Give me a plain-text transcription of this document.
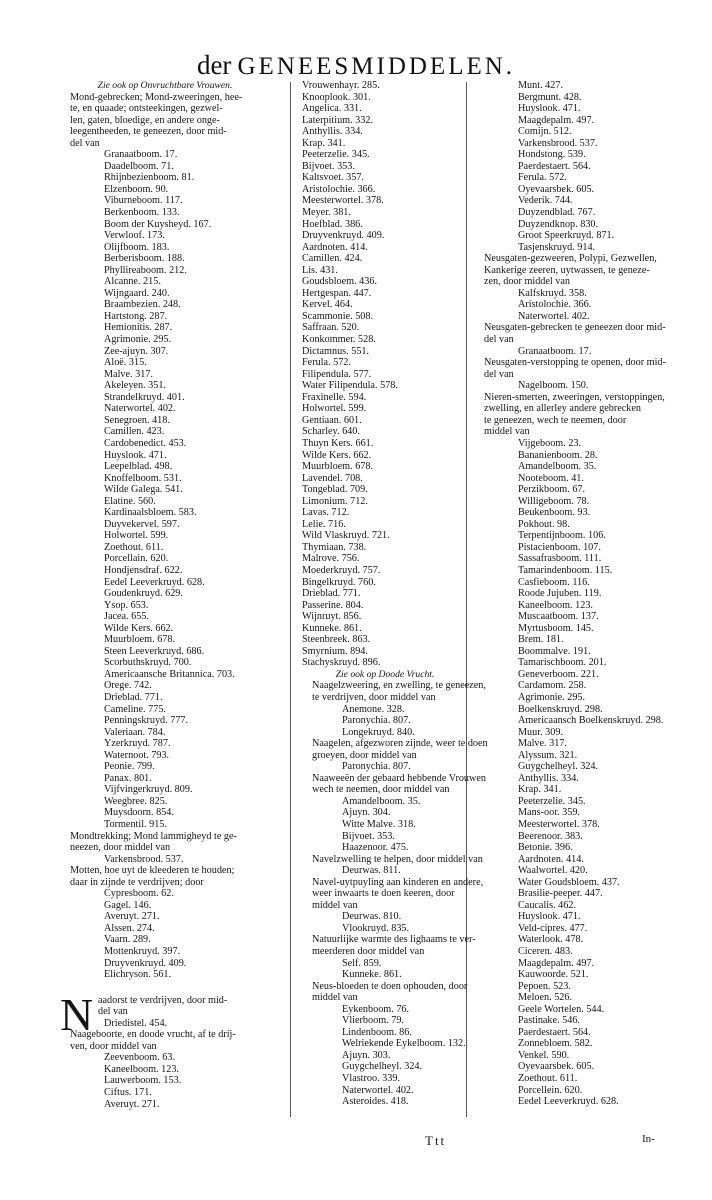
der GENEESMIDDELEN.
Zie ook op Onvruchtbare Vrouwen.
Mond-gebrecken; Mond-zweeringen, hee-
te, en quaade; ontsteekingen, gezwel-
len, gaten, bloedige, en andere onge-
leegentheeden, te geneezen, door mid-
del van
Granaatboom. 17.
Daadelboom. 71.
Rhijnbezienboom. 81.
Elzenboom. 90.
Viburneboom. 117.
Berkenboom. 133.
Boom der Kuysheyd. 167.
Verwloof. 173.
Olijfboom. 183.
Berberisboom. 188.
Phyllireaboom. 212.
Alcanne. 215.
Wijngaard. 240.
Braambezien. 248.
Hartstong. 287.
Hemionitis. 287.
Agrimonie. 295.
Zee-ajuyn. 307.
Aloë. 315.
Malve. 317.
Akeleyen. 351.
Strandelkruyd. 401.
Naterwortel. 402.
Senegroen. 418.
Camillen. 423.
Cardobenedict. 453.
Huyslook. 471.
Leepelblad. 498.
Knoffelboom. 531.
Wilde Galega. 541.
Elatine. 560.
Kardinaalsbloem. 583.
Duyvekervel. 597.
Holwortel. 599.
Zoethout. 611.
Porcellain. 620.
Hondjensdraf. 622.
Eedel Leeverkruyd. 628.
Goudenkruyd. 629.
Ysop. 653.
Jacea. 655.
Wilde Kers. 662.
Muurbloem. 678.
Steen Leeverkruyd. 686.
Scorbuthskruyd. 700.
Americaansche Britannica. 703.
Orege. 742.
Drieblad. 771.
Cameline. 775.
Penningskruyd. 777.
Valeriaan. 784.
Yzerkruyd. 787.
Waternoot. 793.
Peonie. 799.
Panax. 801.
Vijfvingerkruyd. 809.
Weegbree. 825.
Muysdoorn. 854.
Tormentil. 915.
Mondtrekking; Mond lammigheyd te ge-
neezen, door middel van
Varkensbrood. 537.
Motten, hoe uyt de kleederen te houden;
daar in zijnde te verdrijven; door
Cypresboom. 62.
Gagel. 146.
Averuyt. 271.
Alssen. 274.
Vaarn. 289.
Mottenkruyd. 397.
Druyvenkruyd. 409.
Elichryson. 561.
N aadorst te verdrijven, door mid-
del van
Driedistel. 454.
Naageboorte, en doode vrucht, af te drij-
ven, door middel van
Zeevenboom. 63.
Kaneelboom. 123.
Lauwerboom. 153.
Ciftus. 171.
Averuyt. 271.
Vrouwenhayr. 285.
Knooplook. 301.
Angelica. 331.
Laterpitium. 332.
Anthyllis. 334.
Krap. 341.
Peeterzelie. 345.
Bijvoet. 353.
Kaltsvoet. 357.
Aristolochie. 366.
Meesterwortel. 378.
Meyer. 381.
Hoefblad. 386.
Druyvenkruyd. 409.
Aardnoten. 414.
Camillen. 424.
Lis. 431.
Goudsbloem. 436.
Hertgespan. 447.
Kervel. 464.
Scammonie. 508.
Saffraan. 520.
Konkommer. 528.
Dictamnus. 551.
Ferula. 572.
Filipendula. 577.
Water Filipendula. 578.
Fraxinelle. 594.
Holwortel. 599.
Gentiaan. 601.
Scharley. 640.
Thuyn Kers. 661.
Wilde Kers. 662.
Muurbloem. 678.
Lavendel. 708.
Tongeblad. 709.
Limonium. 712.
Lavas. 712.
Lelie. 716.
Wild Vlaskruyd. 721.
Thymiaan. 738.
Malrove. 756.
Moederkruyd. 757.
Bingelkruyd. 760.
Drieblad. 771.
Passerine. 804.
Wijnruyt. 856.
Kunneke. 861.
Steenbreek. 863.
Smyrnium. 894.
Stachyskruyd. 896.
Zie ook op Doode Vrucht.
Naagelzweering, en zwelling, te geneezen,
te verdrijven, door middel van
Anemone. 328.
Paronychia. 807.
Longekruyd. 840.
Naagelen, afgezworen zijnde, weer te doen
groeyen, door middel van
Paronychia. 807.
Naaweeën der gebaard hebbende Vrouwen
wech te neemen, door middel van
Amandelboom. 35.
Ajuyn. 304.
Witte Malve. 318.
Bijvoet. 353.
Haazenoor. 475.
Navelzwelling te helpen, door middel van
Deurwas. 811.
Navel-uytpuyling aan kinderen en andere,
weer inwaarts te doen keeren, door
middel van
Deurwas. 810.
Vlookruyd. 835.
Natuurlijke warmte des lighaams te ver-
meerderen door middel van
Self. 859.
Kunneke. 861.
Neus-bloeden te doen ophouden, door
middel van
Eykenboom. 76.
Vlierboom. 79.
Lindenboom. 86.
Welriekende Eykelboom. 132.
Ajuyn. 303.
Guygchelheyl. 324.
Vlastroo. 339.
Naterwortel. 402.
Asteroides. 418.
Munt. 427.
Bergmunt. 428.
Huyslook. 471.
Maagdepalm. 497.
Comijn. 512.
Varkensbrood. 537.
Hondstong. 539.
Paerdestaert. 564.
Ferula. 572.
Oyevaarsbek. 605.
Vederik. 744.
Duyzendblad. 767.
Duyzendknop. 830.
Groot Speerkruyd. 871.
Tasjenskruyd. 914.
Neusgaten-gezweeren, Polypi, Gezwellen,
Kankerige zeeren, uytwassen, te geneze-
zen, door middel van
Kalfskruyd. 358.
Aristolochie. 366.
Naterwortel. 402.
Neusgaten-gebrecken te geneezen door mid-
del van
Granaatboom. 17.
Neusgaten-verstopping te openen, door mid-
del van
Nagelboom. 150.
Nieren-smerten, zweeringen, verstoppingen,
zwelling, en allerley andere gebrecken
te geneezen, wech te neemen, door
middel van
Vijgeboom. 23.
Bananienboom. 28.
Amandelboom. 35.
Nooteboom. 41.
Perzikboom. 67.
Willigeboom. 78.
Beukenboom. 93.
Pokhout. 98.
Terpentijnboom. 106.
Pistacienboom. 107.
Sassafrasboom. 111.
Tamarindenboom. 115.
Casfieboom. 116.
Roode Jujuben. 119.
Kaneelboom. 123.
Muscaatboom. 137.
Myrtusboom. 145.
Brem. 181.
Boommalve. 191.
Tamarischboom. 201.
Geneverboom. 221.
Cardamom. 258.
Agrimonie. 295.
Boelkenskruyd. 298.
Americaansch Boelkenskruyd. 298.
Muur. 309.
Malve. 317.
Alyssum. 321.
Guygchelheyl. 324.
Anthyllis. 334.
Krap. 341.
Peeterzelie. 345.
Mans-oor. 359.
Meesterwortel. 378.
Beerenoor. 383.
Betonie. 396.
Aardnoten. 414.
Waalwortel. 420.
Water Goudsbloem. 437.
Brasilie-peeper. 447.
Caucalis. 462.
Huyslook. 471.
Veld-cipres. 477.
Waterlook. 478.
Ciceren. 483.
Maagdepalm. 497.
Kauwoorde. 521.
Pepoen. 523.
Meloen. 526.
Geele Wortelen. 544.
Pastinake. 546.
Paerdestaert. 564.
Zonnebloem. 582.
Venkel. 590.
Oyevaarsbek. 605.
Zoethout. 611.
Porcellein. 620.
Eedel Leeverkruyd. 628.
Ttt	In-
